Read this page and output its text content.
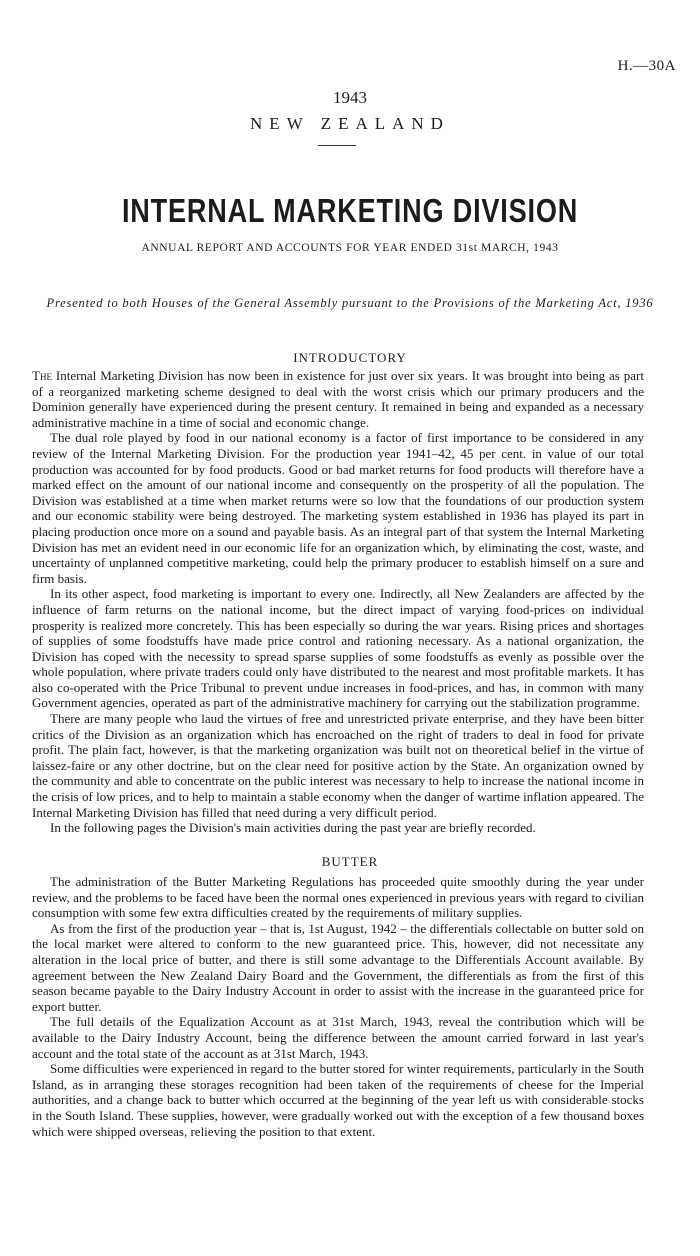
H.—30A
1943
NEW ZEALAND
INTERNAL MARKETING DIVISION
ANNUAL REPORT AND ACCOUNTS FOR YEAR ENDED 31st MARCH, 1943
Presented to both Houses of the General Assembly pursuant to the Provisions of the Marketing Act, 1936
INTRODUCTORY

The Internal Marketing Division has now been in existence for just over six years. It was brought into being as part of a reorganized marketing scheme designed to deal with the worst crisis which our primary producers and the Dominion generally have experienced during the present century. It remained in being and expanded as a necessary administrative machine in a time of social and economic change.

The dual role played by food in our national economy is a factor of first importance to be considered in any review of the Internal Marketing Division. For the production year 1941–42, 45 per cent. in value of our total production was accounted for by food products. Good or bad market returns for food products will therefore have a marked effect on the amount of our national income and consequently on the prosperity of all the population. The Division was established at a time when market returns were so low that the foundations of our production system and our economic stability were being destroyed. The marketing system established in 1936 has played its part in placing production once more on a sound and payable basis. As an integral part of that system the Internal Marketing Division has met an evident need in our economic life for an organization which, by eliminating the cost, waste, and uncertainty of unplanned competitive marketing, could help the primary producer to establish himself on a sure and firm basis.

In its other aspect, food marketing is important to every one. Indirectly, all New Zealanders are affected by the influence of farm returns on the national income, but the direct impact of varying food-prices on individual prosperity is realized more concretely. This has been especially so during the war years. Rising prices and shortages of supplies of some foodstuffs have made price control and rationing necessary. As a national organization, the Division has coped with the necessity to spread sparse supplies of some foodstuffs as evenly as possible over the whole population, where private traders could only have distributed to the nearest and most profitable markets. It has also co-operated with the Price Tribunal to prevent undue increases in food-prices, and has, in common with many Government agencies, operated as part of the administrative machinery for carrying out the stabilization programme.

There are many people who laud the virtues of free and unrestricted private enterprise, and they have been bitter critics of the Division as an organization which has encroached on the right of traders to deal in food for private profit. The plain fact, however, is that the marketing organization was built not on theoretical belief in the virtue of laissez-faire or any other doctrine, but on the clear need for positive action by the State. An organization owned by the community and able to concentrate on the public interest was necessary to help to increase the national income in the crisis of low prices, and to help to maintain a stable economy when the danger of wartime inflation appeared. The Internal Marketing Division has filled that need during a very difficult period.

In the following pages the Division's main activities during the past year are briefly recorded.

BUTTER

The administration of the Butter Marketing Regulations has proceeded quite smoothly during the year under review, and the problems to be faced have been the normal ones experienced in previous years with regard to civilian consumption with some few extra difficulties created by the requirements of military supplies.

As from the first of the production year – that is, 1st August, 1942 – the differentials collectable on butter sold on the local market were altered to conform to the new guaranteed price. This, however, did not necessitate any alteration in the local price of butter, and there is still some advantage to the Differentials Account available. By agreement between the New Zealand Dairy Board and the Government, the differentials as from the first of this season became payable to the Dairy Industry Account in order to assist with the increase in the guaranteed price for export butter.

The full details of the Equalization Account as at 31st March, 1943, reveal the contribution which will be available to the Dairy Industry Account, being the difference between the amount carried forward in last year's account and the total state of the account as at 31st March, 1943.

Some difficulties were experienced in regard to the butter stored for winter requirements, particularly in the South Island, as in arranging these storages recognition had been taken of the requirements of cheese for the Imperial authorities, and a change back to butter which occurred at the beginning of the year left us with considerable stocks in the South Island. These supplies, however, were gradually worked out with the exception of a few thousand boxes which were shipped overseas, relieving the position to that extent.
